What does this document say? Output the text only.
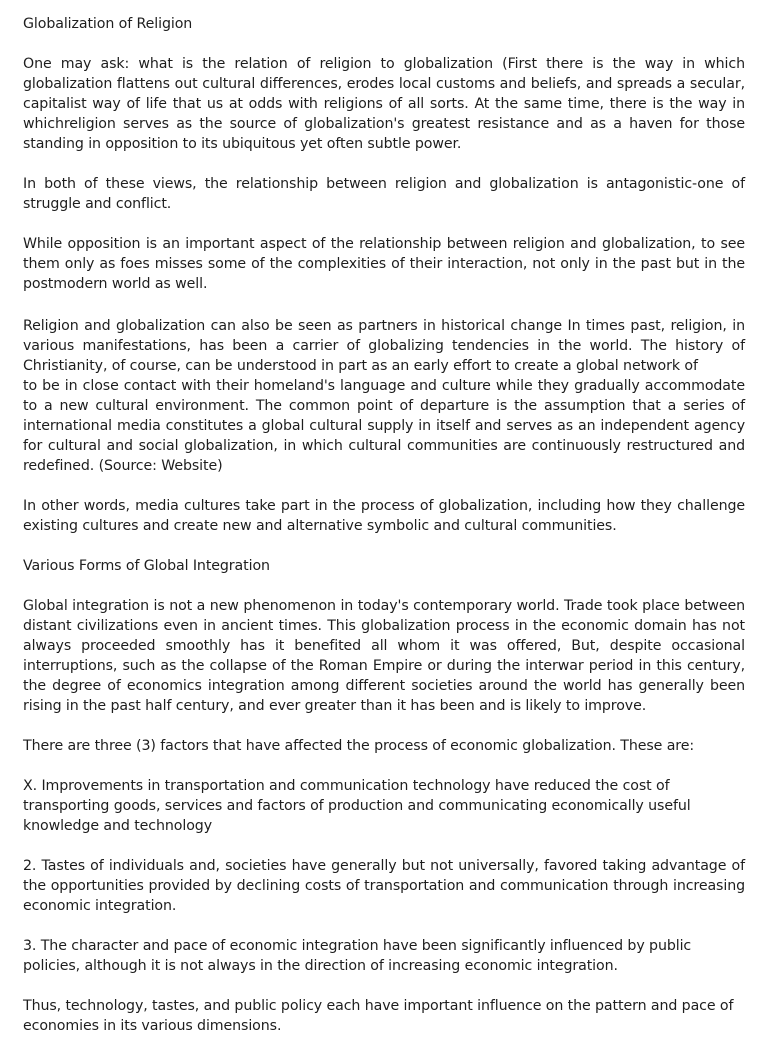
Globalization of Religion

One may ask: what is the relation of religion to globalization (First there is the way in which globalization flattens out cultural differences, erodes local customs and beliefs, and spreads a secular, capitalist way of life that us at odds with religions of all sorts. At the same time, there is the way in whichreligion serves as the source of globalization's greatest resistance and as a haven for those standing in opposition to its ubiquitous yet often subtle power.

In both of these views, the relationship between religion and globalization is antagonistic-one of struggle and conflict.

While opposition is an important aspect of the relationship between religion and globalization, to see them only as foes misses some of the complexities of their interaction, not only in the past but in the postmodern world as well.

Religion and globalization can also be seen as partners in historical change In times past, religion, in various manifestations, has been a carrier of globalizing tendencies in the world. The history of Christianity, of course, can be understood in part as an early effort to create a global network of

to be in close contact with their homeland's language and culture while they gradually accommodate to a new cultural environment. The common point of departure is the assumption that a series of international media constitutes a global cultural supply in itself and serves as an independent agency for cultural and social globalization, in which cultural communities are continuously restructured and redefined. (Source: Website)

In other words, media cultures take part in the process of globalization, including how they challenge existing cultures and create new and alternative symbolic and cultural communities.

Various Forms of Global Integration

Global integration is not a new phenomenon in today's contemporary world. Trade took place between distant civilizations even in ancient times. This globalization process in the economic domain has not always proceeded smoothly has it benefited all whom it was offered, But, despite occasional interruptions, such as the collapse of the Roman Empire or during the interwar period in this century, the degree of economics integration among different societies around the world has generally been rising in the past half century, and ever greater than it has been and is likely to improve.

There are three (3) factors that have affected the process of economic globalization. These are:

X. Improvements in transportation and communication technology have reduced the cost of transporting goods, services and factors of production and communicating economically useful knowledge and technology

2. Tastes of individuals and, societies have generally but not universally, favored taking advantage of the opportunities provided by declining costs of transportation and communication through increasing economic integration.

3. The character and pace of economic integration have been significantly influenced by public policies, although it is not always in the direction of increasing economic integration.

Thus, technology, tastes, and public policy each have important influence on the pattern and pace of economies in its various dimensions.
